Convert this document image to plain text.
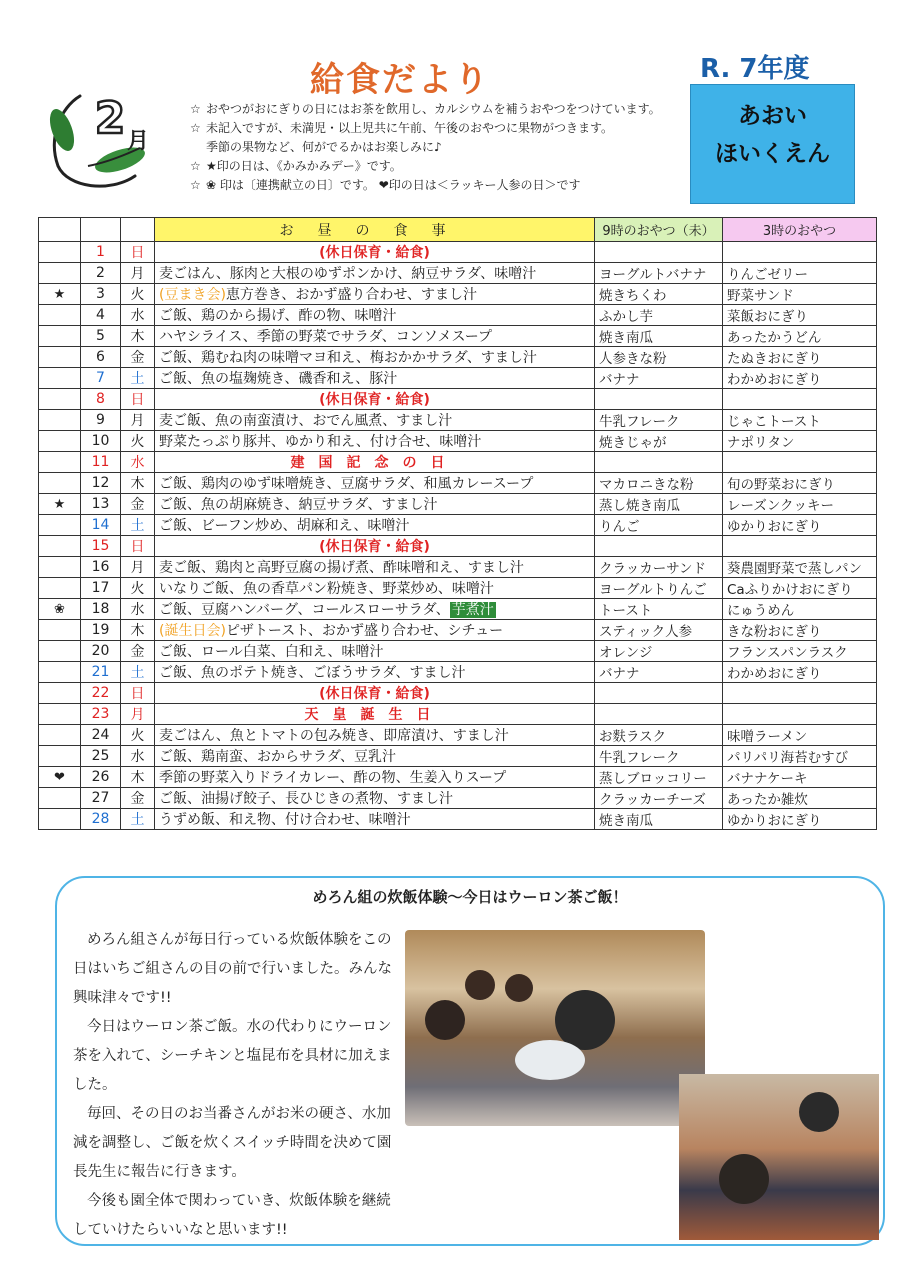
2 月
給食だより
☆ おやつがおにぎりの日にはお茶を飲用し、カルシウムを補うおやつをつけています。
☆ 未記入ですが、未満児・以上児共に午前、午後のおやつに果物がつきます。
季節の果物など、何がでるかはお楽しみに♪
☆ ★印の日は、《かみかみデー》です。
☆ ❀ 印は〔連携献立の日〕です。 ❤印の日は＜ラッキー人参の日＞です
R. 7年度
あおい
ほいくえん
			お昼の食事	9時のおやつ（未）	3時のおやつ
	1	日	(休日保育・給食)		
	2	月	麦ごはん、豚肉と大根のゆずポンかけ、納豆サラダ、味噌汁	ヨーグルトバナナ	りんごゼリー
★	3	火	(豆まき会)恵方巻き、おかず盛り合わせ、すまし汁	焼きちくわ	野菜サンド
	4	水	ご飯、鶏のから揚げ、酢の物、味噌汁	ふかし芋	菜飯おにぎり
	5	木	ハヤシライス、季節の野菜でサラダ、コンソメスープ	焼き南瓜	あったかうどん
	6	金	ご飯、鶏むね肉の味噌マヨ和え、梅おかかサラダ、すまし汁	人参きな粉	たぬきおにぎり
	7	土	ご飯、魚の塩麹焼き、磯香和え、豚汁	バナナ	わかめおにぎり
	8	日	(休日保育・給食)		
	9	月	麦ご飯、魚の南蛮漬け、おでん風煮、すまし汁	牛乳フレーク	じゃこトースト
	10	火	野菜たっぷり豚丼、ゆかり和え、付け合せ、味噌汁	焼きじゃが	ナポリタン
	11	水	建国記念の日		
	12	木	ご飯、鶏肉のゆず味噌焼き、豆腐サラダ、和風カレースープ	マカロニきな粉	旬の野菜おにぎり
★	13	金	ご飯、魚の胡麻焼き、納豆サラダ、すまし汁	蒸し焼き南瓜	レーズンクッキー
	14	土	ご飯、ビーフン炒め、胡麻和え、味噌汁	りんご	ゆかりおにぎり
	15	日	(休日保育・給食)		
	16	月	麦ご飯、鶏肉と高野豆腐の揚げ煮、酢味噌和え、すまし汁	クラッカーサンド	葵農園野菜で蒸しパン
	17	火	いなりご飯、魚の香草パン粉焼き、野菜炒め、味噌汁	ヨーグルトりんご	Caふりかけおにぎり
❀	18	水	ご飯、豆腐ハンバーグ、コールスローサラダ、 芋煮汁	トースト	にゅうめん
	19	木	(誕生日会)ピザトースト、おかず盛り合わせ、シチュー	スティック人参	きな粉おにぎり
	20	金	ご飯、ロール白菜、白和え、味噌汁	オレンジ	フランスパンラスク
	21	土	ご飯、魚のポテト焼き、ごぼうサラダ、すまし汁	バナナ	わかめおにぎり
	22	日	(休日保育・給食)		
	23	月	天皇誕生日		
	24	火	麦ごはん、魚とトマトの包み焼き、即席漬け、すまし汁	お麩ラスク	味噌ラーメン
	25	水	ご飯、鶏南蛮、おからサラダ、豆乳汁	牛乳フレーク	パリパリ海苔むすび
❤	26	木	季節の野菜入りドライカレー、酢の物、生姜入りスープ	蒸しブロッコリー	バナナケーキ
	27	金	ご飯、油揚げ餃子、長ひじきの煮物、すまし汁	クラッカーチーズ	あったか雑炊
	28	土	うずめ飯、和え物、付け合わせ、味噌汁	焼き南瓜	ゆかりおにぎり
めろん組の炊飯体験～今日はウーロン茶ご飯！

めろん組さんが毎日行っている炊飯体験をこの日はいちご組さんの目の前で行いました。みんな興味津々です!!

今日はウーロン茶ご飯。水の代わりにウーロン茶を入れて、シーチキンと塩昆布を具材に加えました。

毎回、その日のお当番さんがお米の硬さ、水加減を調整し、ご飯を炊くスイッチ時間を決めて園長先生に報告に行きます。

今後も園全体で関わっていき、炊飯体験を継続していけたらいいなと思います!!
